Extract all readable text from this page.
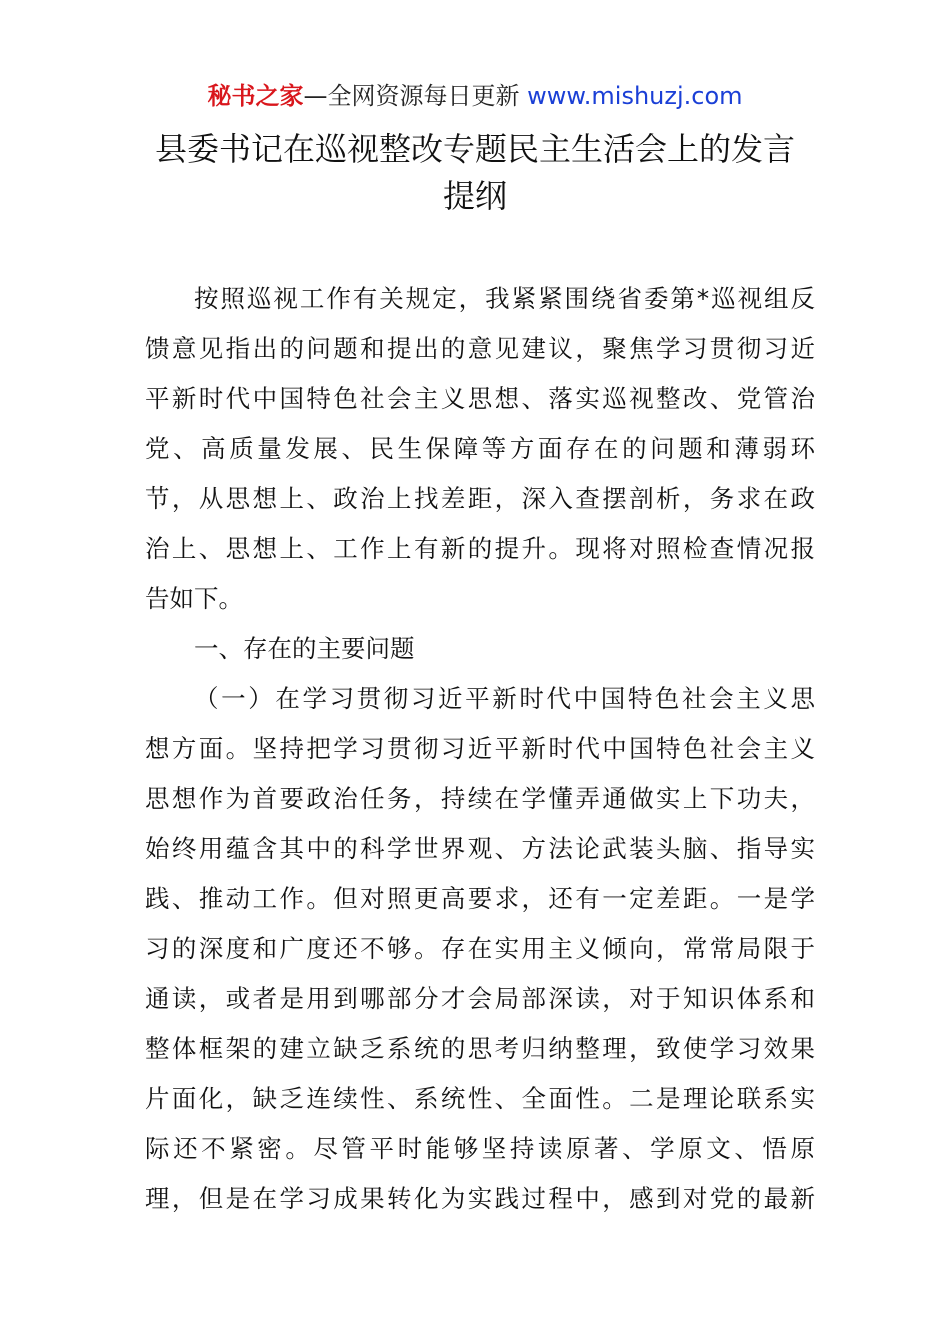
秘书之家—全网资源每日更新 www.mishuzj.com
县委书记在巡视整改专题民主生活会上的发言
提纲
按照巡视工作有关规定，我紧紧围绕省委第*巡视组反
馈意见指出的问题和提出的意见建议，聚焦学习贯彻习近
平新时代中国特色社会主义思想、落实巡视整改、党管治
党、高质量发展、民生保障等方面存在的问题和薄弱环
节，从思想上、政治上找差距，深入查摆剖析，务求在政
治上、思想上、工作上有新的提升。现将对照检查情况报
告如下。
一、存在的主要问题
（一）在学习贯彻习近平新时代中国特色社会主义思
想方面。坚持把学习贯彻习近平新时代中国特色社会主义
思想作为首要政治任务，持续在学懂弄通做实上下功夫，
始终用蕴含其中的科学世界观、方法论武装头脑、指导实
践、推动工作。但对照更高要求，还有一定差距。一是学
习的深度和广度还不够。存在实用主义倾向，常常局限于
通读，或者是用到哪部分才会局部深读，对于知识体系和
整体框架的建立缺乏系统的思考归纳整理，致使学习效果
片面化，缺乏连续性、系统性、全面性。二是理论联系实
际还不紧密。尽管平时能够坚持读原著、学原文、悟原
理，但是在学习成果转化为实践过程中，感到对党的最新
